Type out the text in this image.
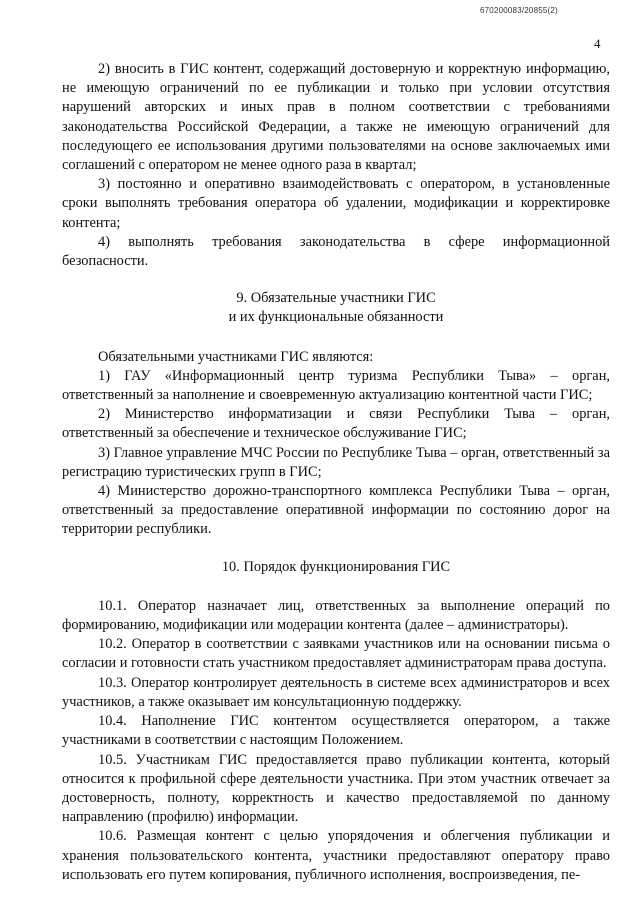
670200083/20855(2)
4

2) вносить в ГИС контент, содержащий достоверную и корректную информацию, не имеющую ограничений по ее публикации и только при условии отсутствия нарушений авторских и иных прав в полном соответствии с требованиями законодательства Российской Федерации, а также не имеющую ограничений для последующего ее использования другими пользователями на основе заключаемых ими соглашений с оператором не менее одного раза в квартал;

3) постоянно и оперативно взаимодействовать с оператором, в установленные сроки выполнять требования оператора об удалении, модификации и корректировке контента;

4) выполнять требования законодательства в сфере информационной безопасности.

9. Обязательные участники ГИС

и их функциональные обязанности

Обязательными участниками ГИС являются:

1) ГАУ «Информационный центр туризма Республики Тыва» – орган, ответственный за наполнение и своевременную актуализацию контентной части ГИС;

2) Министерство информатизации и связи Республики Тыва – орган, ответственный за обеспечение и техническое обслуживание ГИС;

3) Главное управление МЧС России по Республике Тыва – орган, ответственный за регистрацию туристических групп в ГИС;

4) Министерство дорожно-транспортного комплекса Республики Тыва – орган, ответственный за предоставление оперативной информации по состоянию дорог на территории республики.

10. Порядок функционирования ГИС

10.1. Оператор назначает лиц, ответственных за выполнение операций по формированию, модификации или модерации контента (далее – администраторы).

10.2. Оператор в соответствии с заявками участников или на основании письма о согласии и готовности стать участником предоставляет администраторам права доступа.

10.3. Оператор контролирует деятельность в системе всех администраторов и всех участников, а также оказывает им консультационную поддержку.

10.4. Наполнение ГИС контентом осуществляется оператором, а также участниками в соответствии с настоящим Положением.

10.5. Участникам ГИС предоставляется право публикации контента, который относится к профильной сфере деятельности участника. При этом участник отвечает за достоверность, полноту, корректность и качество предоставляемой по данному направлению (профилю) информации.

10.6. Размещая контент с целью упорядочения и облегчения публикации и хранения пользовательского контента, участники предоставляют оператору право использовать его путем копирования, публичного исполнения, воспроизведения, пе-
